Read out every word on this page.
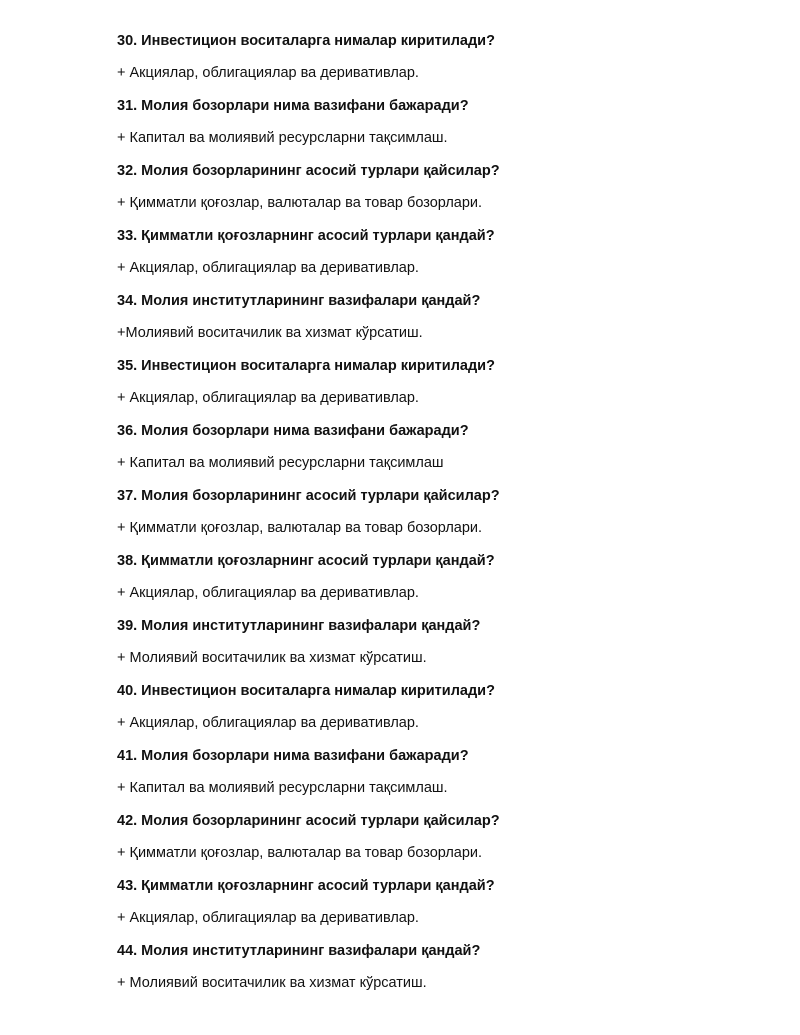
30. Инвестицион воситаларга нималар киритилади?

+ Акциялар, облигациялар ва деривативлар.

31. Молия бозорлари нима вазифани бажаради?

+ Капитал ва молиявий ресурсларни тақсимлаш.

32. Молия бозорларининг асосий турлари қайсилар?

+ Қимматли қоғозлар, валюталар ва товар бозорлари.

33. Қимматли қоғозларнинг асосий турлари қандай?

+ Акциялар, облигациялар ва деривативлар.

34. Молия институтларининг вазифалари қандай?

+Молиявий воситачилик ва хизмат кўрсатиш.

35. Инвестицион воситаларга нималар киритилади?

+ Акциялар, облигациялар ва деривативлар.

36. Молия бозорлари нима вазифани бажаради?

+ Капитал ва молиявий ресурсларни тақсимлаш

37. Молия бозорларининг асосий турлари қайсилар?

+ Қимматли қоғозлар, валюталар ва товар бозорлари.

38. Қимматли қоғозларнинг асосий турлари қандай?

+ Акциялар, облигациялар ва деривативлар.

39. Молия институтларининг вазифалари қандай?

+ Молиявий воситачилик ва хизмат кўрсатиш.

40. Инвестицион воситаларга нималар киритилади?

+ Акциялар, облигациялар ва деривативлар.

41. Молия бозорлари нима вазифани бажаради?

+ Капитал ва молиявий ресурсларни тақсимлаш.

42. Молия бозорларининг асосий турлари қайсилар?

+ Қимматли қоғозлар, валюталар ва товар бозорлари.

43. Қимматли қоғозларнинг асосий турлари қандай?

+ Акциялар, облигациялар ва деривативлар.

44. Молия институтларининг вазифалари қандай?

+ Молиявий воситачилик ва хизмат кўрсатиш.
